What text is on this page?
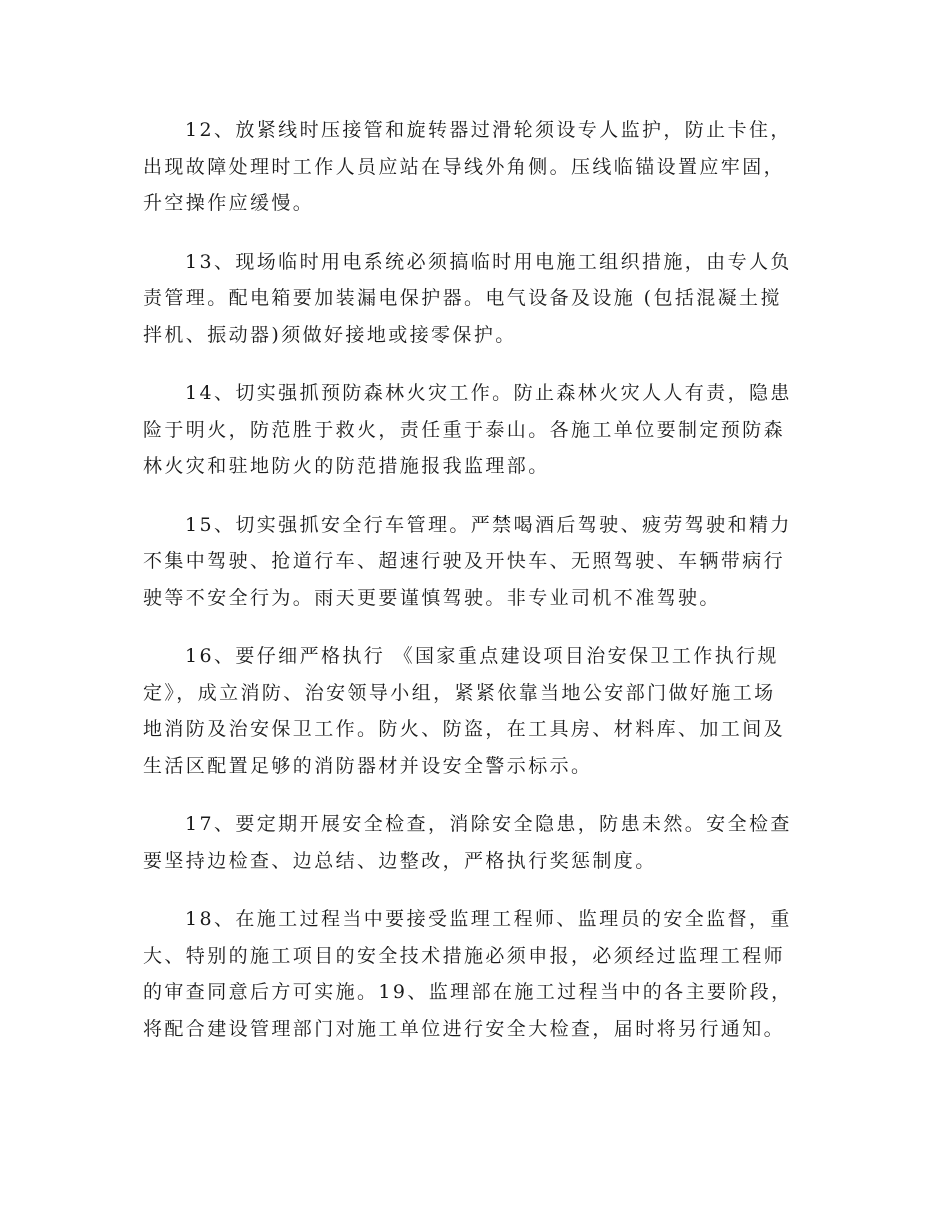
12、放紧线时压接管和旋转器过滑轮须设专人监护，防止卡住，
出现故障处理时工作人员应站在导线外角侧。压线临锚设置应牢固，
升空操作应缓慢。

13、现场临时用电系统必须搞临时用电施工组织措施，由专人负
责管理。配电箱要加装漏电保护器。电气设备及设施 (包括混凝土搅
拌机、振动器)须做好接地或接零保护。

14、切实强抓预防森林火灾工作。防止森林火灾人人有责，隐患
险于明火，防范胜于救火，责任重于泰山。各施工单位要制定预防森
林火灾和驻地防火的防范措施报我监理部。

15、切实强抓安全行车管理。严禁喝酒后驾驶、疲劳驾驶和精力
不集中驾驶、抢道行车、超速行驶及开快车、无照驾驶、车辆带病行
驶等不安全行为。雨天更要谨慎驾驶。非专业司机不准驾驶。

16、要仔细严格执行 《国家重点建设项目治安保卫工作执行规
定》，成立消防、治安领导小组，紧紧依靠当地公安部门做好施工场
地消防及治安保卫工作。防火、防盗，在工具房、材料库、加工间及
生活区配置足够的消防器材并设安全警示标示。

17、要定期开展安全检查，消除安全隐患，防患未然。安全检查
要坚持边检查、边总结、边整改，严格执行奖惩制度。

18、在施工过程当中要接受监理工程师、监理员的安全监督，重
大、特别的施工项目的安全技术措施必须申报，必须经过监理工程师
的审查同意后方可实施。19、监理部在施工过程当中的各主要阶段，
将配合建设管理部门对施工单位进行安全大检查，届时将另行通知。
